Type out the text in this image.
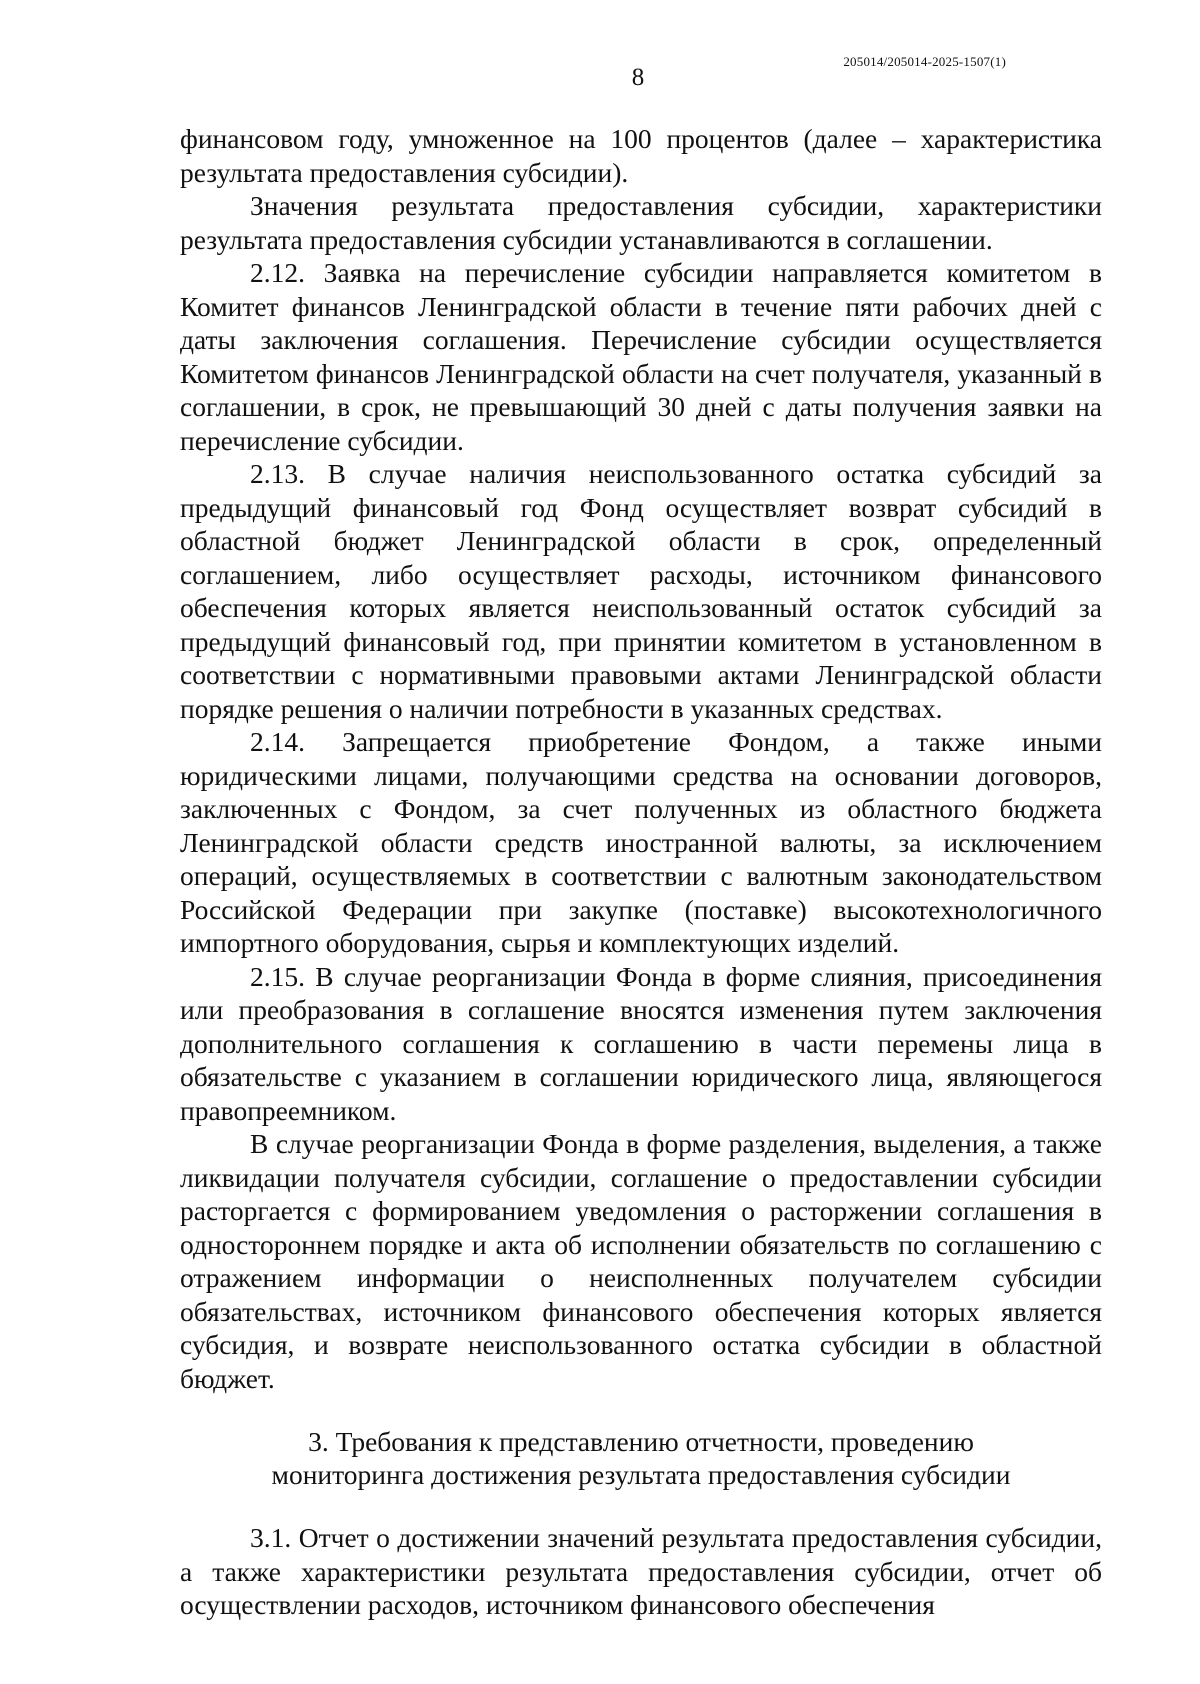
205014/205014-2025-1507(1)
8

финансовом году, умноженное на 100 процентов (далее – характеристика результата предоставления субсидии).

Значения результата предоставления субсидии, характеристики результата предоставления субсидии устанавливаются в соглашении.

2.12. Заявка на перечисление субсидии направляется комитетом в Комитет финансов Ленинградской области в течение пяти рабочих дней с даты заключения соглашения. Перечисление субсидии осуществляется Комитетом финансов Ленинградской области на счет получателя, указанный в соглашении, в срок, не превышающий 30 дней с даты получения заявки на перечисление субсидии.

2.13. В случае наличия неиспользованного остатка субсидий за предыдущий финансовый год Фонд осуществляет возврат субсидий в областной бюджет Ленинградской области в срок, определенный соглашением, либо осуществляет расходы, источником финансового обеспечения которых является неиспользованный остаток субсидий за предыдущий финансовый год, при принятии комитетом в установленном в соответствии с нормативными правовыми актами Ленинградской области порядке решения о наличии потребности в указанных средствах.

2.14. Запрещается приобретение Фондом, а также иными юридическими лицами, получающими средства на основании договоров, заключенных с Фондом, за счет полученных из областного бюджета Ленинградской области средств иностранной валюты, за исключением операций, осуществляемых в соответствии с валютным законодательством Российской Федерации при закупке (поставке) высокотехнологичного импортного оборудования, сырья и комплектующих изделий.

2.15. В случае реорганизации Фонда в форме слияния, присоединения или преобразования в соглашение вносятся изменения путем заключения дополнительного соглашения к соглашению в части перемены лица в обязательстве с указанием в соглашении юридического лица, являющегося правопреемником.

В случае реорганизации Фонда в форме разделения, выделения, а также ликвидации получателя субсидии, соглашение о предоставлении субсидии расторгается с формированием уведомления о расторжении соглашения в одностороннем порядке и акта об исполнении обязательств по соглашению с отражением информации о неисполненных получателем субсидии обязательствах, источником финансового обеспечения которых является субсидия, и возврате неиспользованного остатка субсидии в областной бюджет.

3. Требования к представлению отчетности, проведению
мониторинга достижения результата предоставления субсидии

3.1. Отчет о достижении значений результата предоставления субсидии, а также характеристики результата предоставления субсидии, отчет об осуществлении расходов, источником финансового обеспечения
